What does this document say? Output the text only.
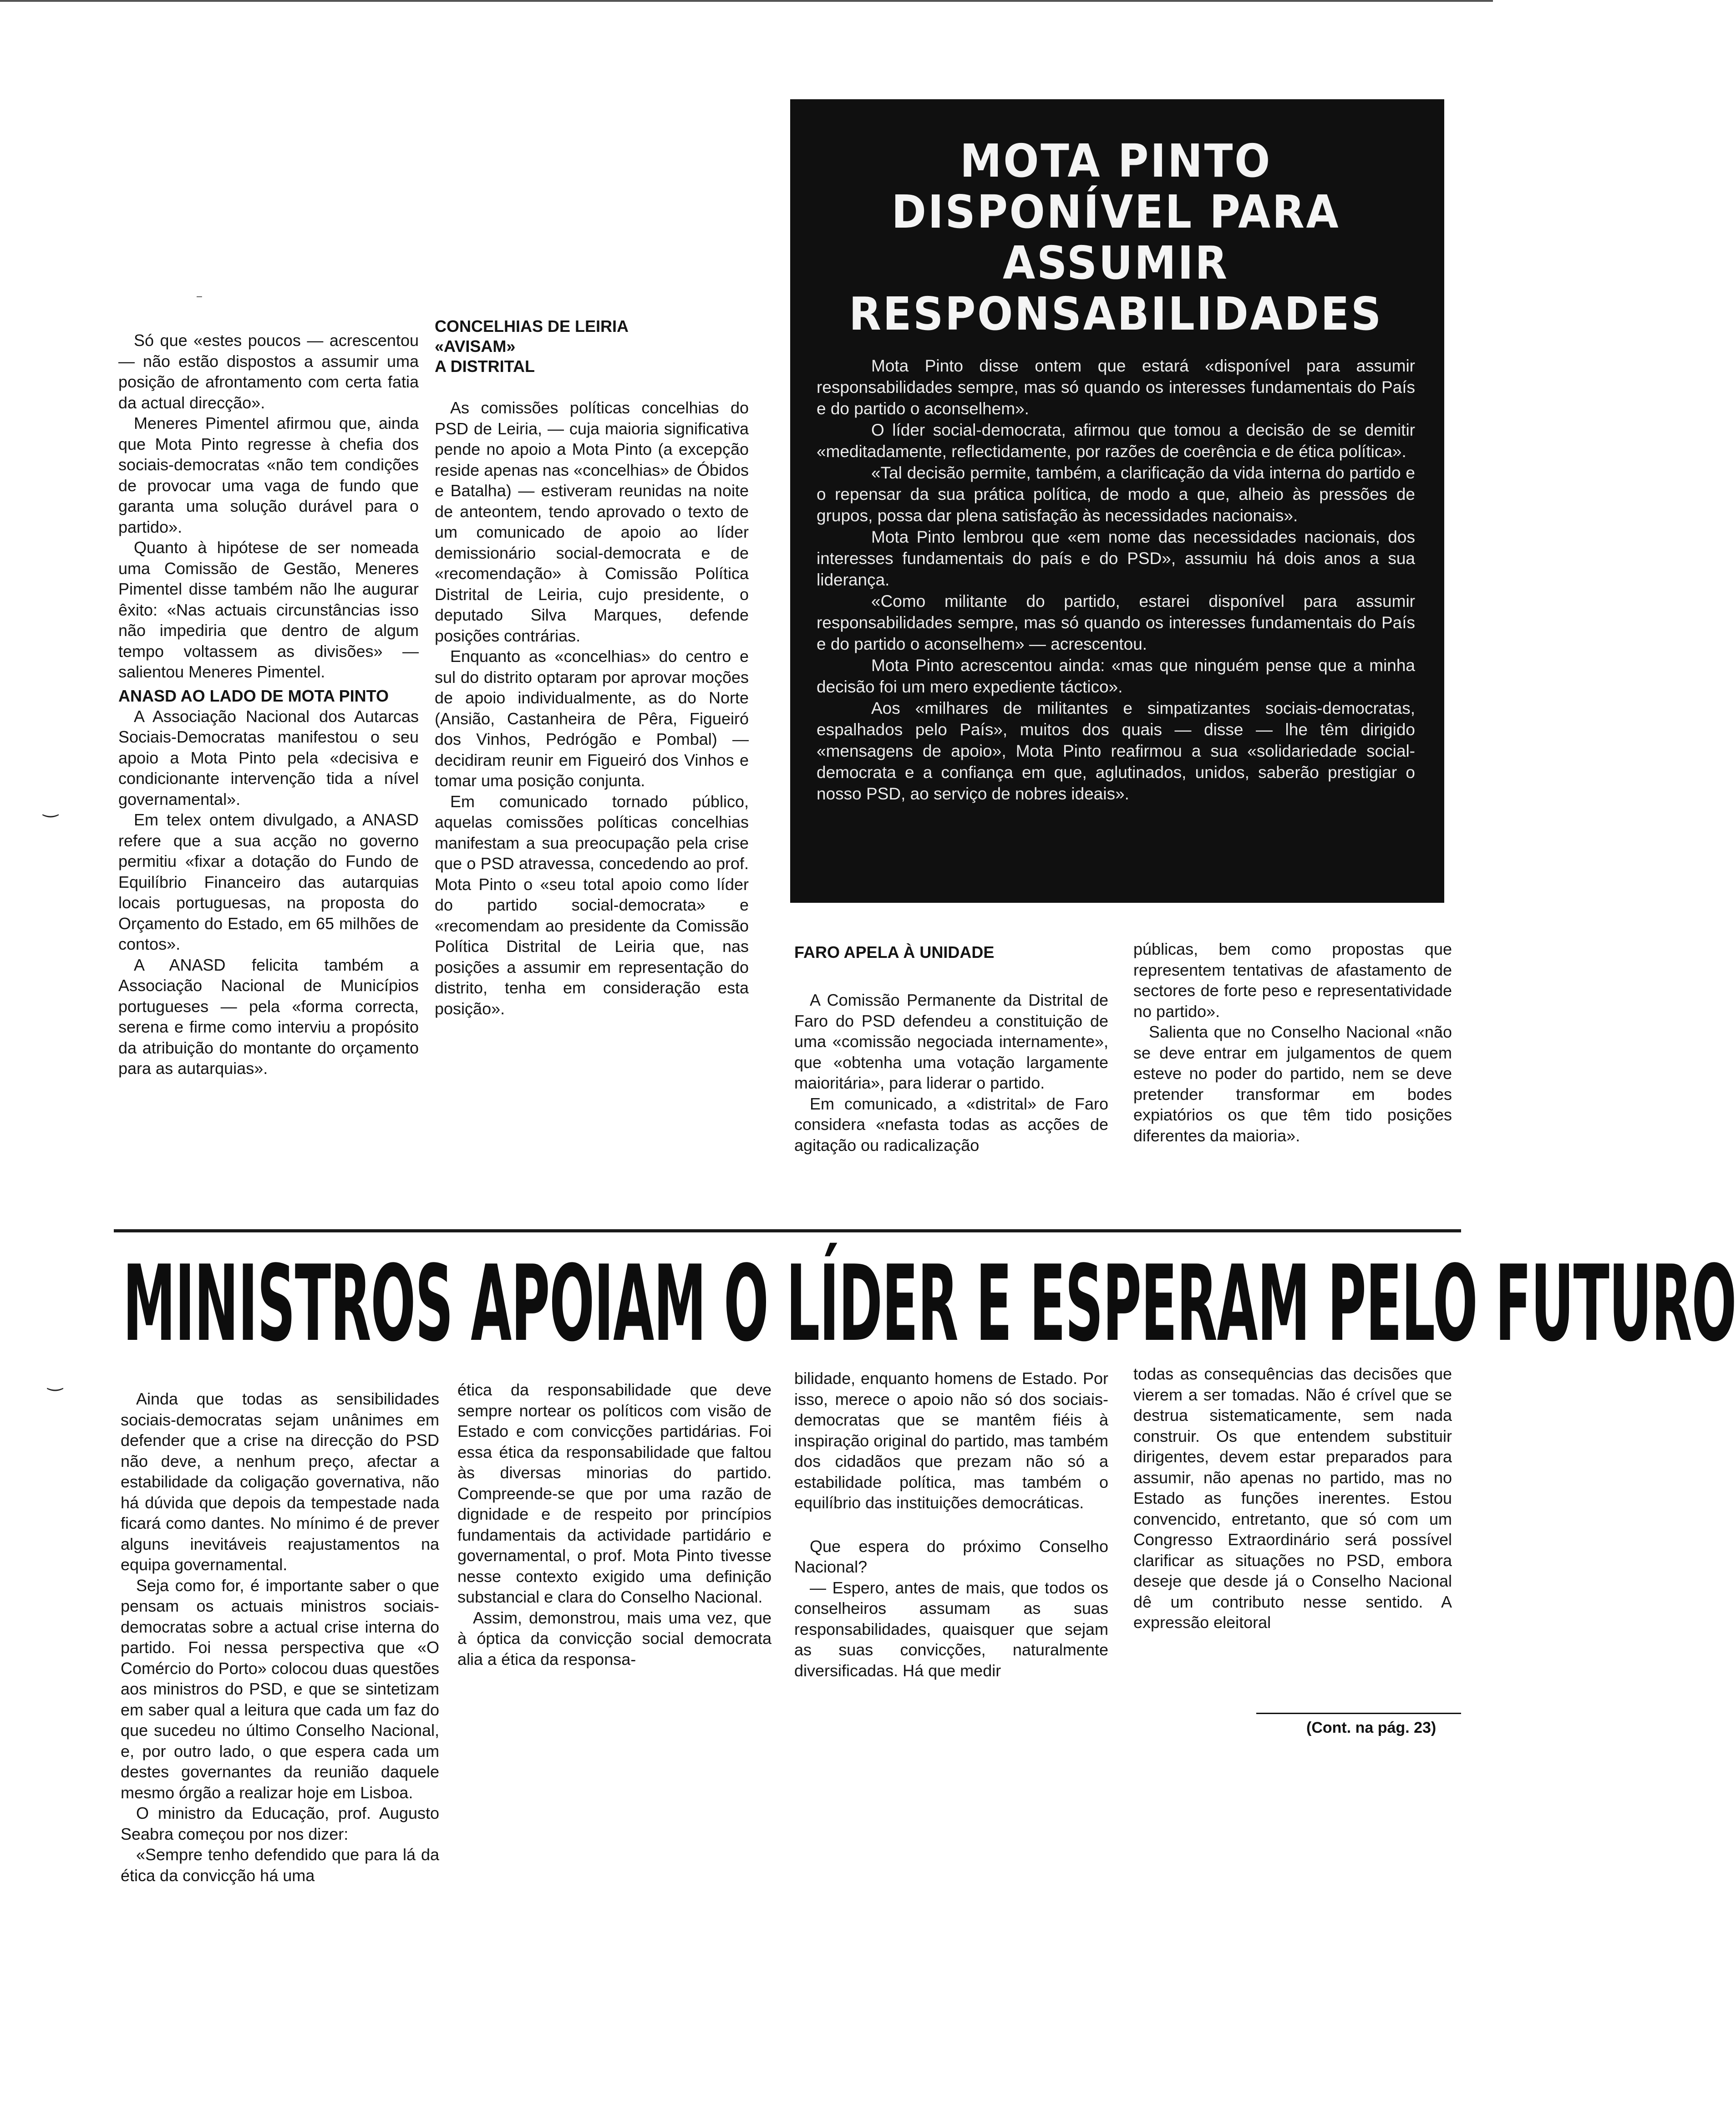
MOTA PINTO DISPONÍVEL PARA ASSUMIR RESPONSABILIDADES

Mota Pinto disse ontem que estará «disponível para assumir responsabilidades sempre, mas só quando os interesses fundamentais do País e do partido o aconselhem».

O líder social-democrata, afirmou que tomou a decisão de se demitir «meditadamente, reflectidamente, por razões de coerência e de ética política».

«Tal decisão permite, também, a clarificação da vida interna do partido e o repensar da sua prática política, de modo a que, alheio às pressões de grupos, possa dar plena satisfação às necessidades nacionais».

Mota Pinto lembrou que «em nome das necessidades nacionais, dos interesses fundamentais do país e do PSD», assumiu há dois anos a sua liderança.

«Como militante do partido, estarei disponível para assumir responsabilidades sempre, mas só quando os interesses fundamentais do País e do partido o aconselhem» — acrescentou.

Mota Pinto acrescentou ainda: «mas que ninguém pense que a minha decisão foi um mero expediente táctico».

Aos «milhares de militantes e simpatizantes sociais-democratas, espalhados pelo País», muitos dos quais — disse — lhe têm dirigido «mensagens de apoio», Mota Pinto reafirmou a sua «solidariedade social-democrata e a confiança em que, aglutinados, unidos, saberão prestigiar o nosso PSD, ao serviço de nobres ideais».

Só que «estes poucos — acrescentou — não estão dispostos a assumir uma posição de afrontamento com certa fatia da actual direcção».

Meneres Pimentel afirmou que, ainda que Mota Pinto regresse à chefia dos sociais-democratas «não tem condições de provocar uma vaga de fundo que garanta uma solução durável para o partido».

Quanto à hipótese de ser nomeada uma Comissão de Gestão, Meneres Pimentel disse também não lhe augurar êxito: «Nas actuais circunstâncias isso não impediria que dentro de algum tempo voltassem as divisões» — salientou Meneres Pimentel.

ANASD AO LADO DE MOTA PINTO

A Associação Nacional dos Autarcas Sociais-Democratas manifestou o seu apoio a Mota Pinto pela «decisiva e condicionante intervenção tida a nível governamental».

Em telex ontem divulgado, a ANASD refere que a sua acção no governo permitiu «fixar a dotação do Fundo de Equilíbrio Financeiro das autarquias locais portuguesas, na proposta do Orçamento do Estado, em 65 milhões de contos».

A ANASD felicita também a Associação Nacional de Municípios portugueses — pela «forma correcta, serena e firme como interviu a propósito da atribuição do montante do orçamento para as autarquias».

CONCELHIAS DE LEIRIA
«AVISAM»
A DISTRITAL

As comissões políticas concelhias do PSD de Leiria, — cuja maioria significativa pende no apoio a Mota Pinto (a excepção reside apenas nas «concelhias» de Óbidos e Batalha) — estiveram reunidas na noite de anteontem, tendo aprovado o texto de um comunicado de apoio ao líder demissionário social-democrata e de «recomendação» à Comissão Política Distrital de Leiria, cujo presidente, o deputado Silva Marques, defende posições contrárias.

Enquanto as «concelhias» do centro e sul do distrito optaram por aprovar moções de apoio individualmente, as do Norte (Ansião, Castanheira de Pêra, Figueiró dos Vinhos, Pedrógão e Pombal) — decidiram reunir em Figueiró dos Vinhos e tomar uma posição conjunta.

Em comunicado tornado público, aquelas comissões políticas concelhias manifestam a sua preocupação pela crise que o PSD atravessa, concedendo ao prof. Mota Pinto o «seu total apoio como líder do partido social-democrata» e «recomendam ao presidente da Comissão Política Distrital de Leiria que, nas posições a assumir em representação do distrito, tenha em consideração esta posição».

FARO APELA À UNIDADE

A Comissão Permanente da Distrital de Faro do PSD defendeu a constituição de uma «comissão negociada internamente», que «obtenha uma votação largamente maioritária», para liderar o partido.

Em comunicado, a «distrital» de Faro considera «nefasta todas as acções de agitação ou radicalização

públicas, bem como propostas que representem tentativas de afastamento de sectores de forte peso e representatividade no partido».

Salienta que no Conselho Nacional «não se deve entrar em julgamentos de quem esteve no poder do partido, nem se deve pretender transformar em bodes expiatórios os que têm tido posições diferentes da maioria».

MINISTROS APOIAM O LÍDER E ESPERAM PELO FUTURO

Ainda que todas as sensibilidades sociais-democratas sejam unânimes em defender que a crise na direcção do PSD não deve, a nenhum preço, afectar a estabilidade da coligação governativa, não há dúvida que depois da tempestade nada ficará como dantes. No mínimo é de prever alguns inevitáveis reajustamentos na equipa governamental.

Seja como for, é importante saber o que pensam os actuais ministros sociais-democratas sobre a actual crise interna do partido. Foi nessa perspectiva que «O Comércio do Porto» colocou duas questões aos ministros do PSD, e que se sintetizam em saber qual a leitura que cada um faz do que sucedeu no último Conselho Nacional, e, por outro lado, o que espera cada um destes governantes da reunião daquele mesmo órgão a realizar hoje em Lisboa.

O ministro da Educação, prof. Augusto Seabra começou por nos dizer:

«Sempre tenho defendido que para lá da ética da convicção há uma

ética da responsabilidade que deve sempre nortear os políticos com visão de Estado e com convicções partidárias. Foi essa ética da responsabilidade que faltou às diversas minorias do partido. Compreende-se que por uma razão de dignidade e de respeito por princípios fundamentais da actividade partidário e governamental, o prof. Mota Pinto tivesse nesse contexto exigido uma definição substancial e clara do Conselho Nacional.

Assim, demonstrou, mais uma vez, que à óptica da convicção social democrata alia a ética da responsa-

bilidade, enquanto homens de Estado. Por isso, merece o apoio não só dos sociais-democratas que se mantêm fiéis à inspiração original do partido, mas também dos cidadãos que prezam não só a estabilidade política, mas também o equilíbrio das instituições democráticas.

Que espera do próximo Conselho Nacional?

— Espero, antes de mais, que todos os conselheiros assumam as suas responsabilidades, quaisquer que sejam as suas convicções, naturalmente diversificadas. Há que medir

todas as consequências das decisões que vierem a ser tomadas. Não é crível que se destrua sistematicamente, sem nada construir. Os que entendem substituir dirigentes, devem estar preparados para assumir, não apenas no partido, mas no Estado as funções inerentes. Estou convencido, entretanto, que só com um Congresso Extraordinário será possível clarificar as situações no PSD, embora deseje que desde já o Conselho Nacional dê um contributo nesse sentido. A expressão eleitoral

(Cont. na pág. 23)
‿
‿
⁻
